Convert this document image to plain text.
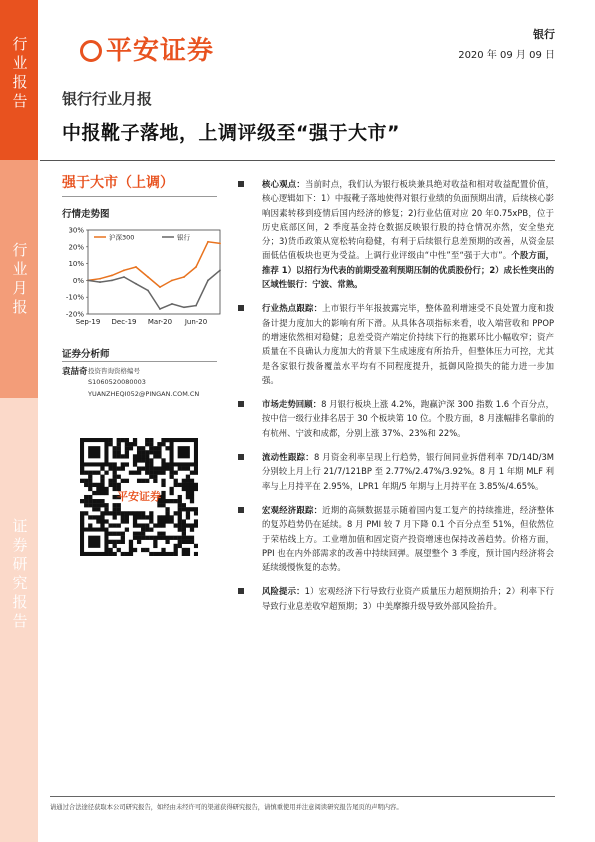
行业报告
行业月报
证券研究报告
平安证券
银行
2020 年 09 月 09 日
银行行业月报
中报靴子落地，上调评级至“强于大市”
强于大市（上调）
行情走势图
30%
20%
10%
0%
-10%
-20%
Sep-19 Dec-19 Mar-20 Jun-20
沪深300	银行
证券分析师
袁喆奇 投资咨询资格编号
S1060520080003
YUANZHEQI052@PINGAN.COM.CN
平安证券
核心观点：当前时点，我们认为银行板块兼具绝对收益和相对收益配置价值，核心逻辑如下：1）中报靴子落地使得对银行业绩的负面预期出清，后续核心影响因素转移到疫情后国内经济的修复；2)行业估值对应 20 年0.75xPB，位于历史底部区间，2 季度基金持仓数据反映银行股的持仓情况亦然，安全垫充分；3)货币政策从宽松转向稳健，有利于后续银行息差预期的改善，从资金层面低估值板块也更为受益。上调行业评级由“中性”至“强于大市”。个股方面，推荐 1）以招行为代表的前期受盈利预期压制的优质股份行；2）成长性突出的区域性银行：宁波、常熟。
行业热点跟踪：上市银行半年报披露完毕，整体盈利增速受不良处置力度和拨备计提力度加大的影响有所下滑。从具体各项指标来看，收入端营收和 PPOP 的增速依然相对稳健；息差受资产端定价持续下行的拖累环比小幅收窄；资产质量在不良确认力度加大的背景下生成速度有所抬升，但整体压力可控，尤其是各家银行拨备覆盖水平均有不同程度提升，抵御风险损失的能力进一步加强。
市场走势回顾：8 月银行板块上涨 4.2%，跑赢沪深 300 指数 1.6 个百分点，按中信一级行业排名居于 30 个板块第 10 位。个股方面，8 月涨幅排名靠前的有杭州、宁波和成都，分别上涨 37%、23%和 22%。
流动性跟踪：8 月资金利率呈现上行趋势，银行间同业拆借利率 7D/14D/3M 分别较上月上行 21/7/121BP 至 2.77%/2.47%/3.92%。8 月 1 年期 MLF 利率与上月持平在 2.95%，LPR1 年期/5 年期与上月持平在 3.85%/4.65%。
宏观经济跟踪：近期的高频数据显示随着国内复工复产的持续推进，经济整体的复苏趋势仍在延续。8 月 PMI 较 7 月下降 0.1 个百分点至 51%，但依然位于荣枯线上方。工业增加值和固定资产投资增速也保持改善趋势。价格方面，PPI 也在内外部需求的改善中持续回弹。展望整个 3 季度，预计国内经济将会延续缓慢恢复的态势。
风险提示：1）宏观经济下行导致行业资产质量压力超预期抬升；2）利率下行导致行业息差收窄超预期；3）中美摩擦升级导致外部风险抬升。
请通过合法途径获取本公司研究报告，如经由未经许可的渠道获得研究报告，请慎重使用并注意阅读研究报告尾页的声明内容。
